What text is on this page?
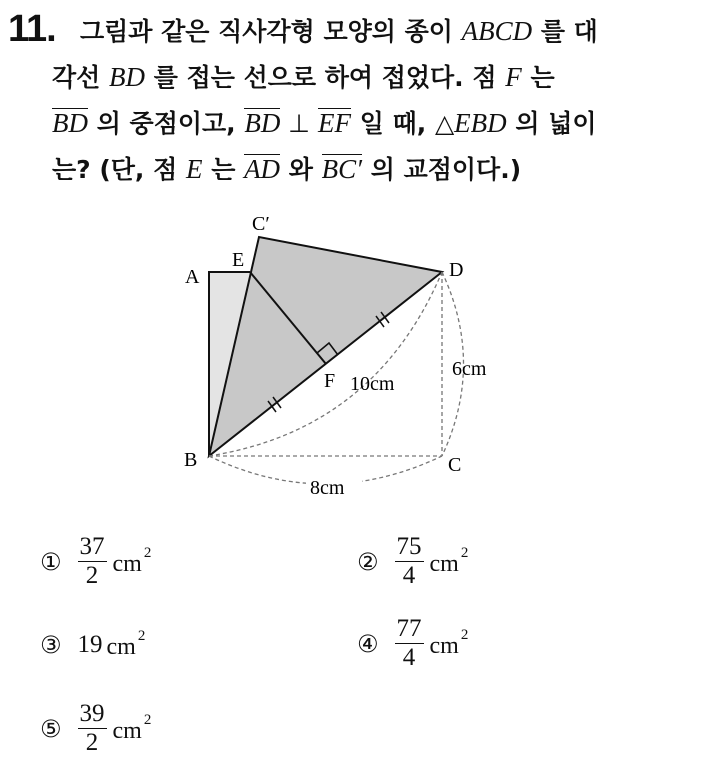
11. 그림과 같은 직사각형 모양의 종이 ABCD 를 대
각선 BD 를 접는 선으로 하여 접었다. 점 F 는
BD 의 중점이고, BD ⊥ EF 일 때, △EBD 의 넓이
는? (단, 점 E 는 AD 와 BC′ 의 교점이다.)
C′
E
A	D
F
B	C
10cm
6cm
8cm
① $\frac{37}{2}$ cm $^2$	② $\frac{75}{4}$ cm $^2$
③ 19 cm $^2$	④ $\frac{77}{4}$ cm $^2$
⑤ $\frac{39}{2}$ cm $^2$
